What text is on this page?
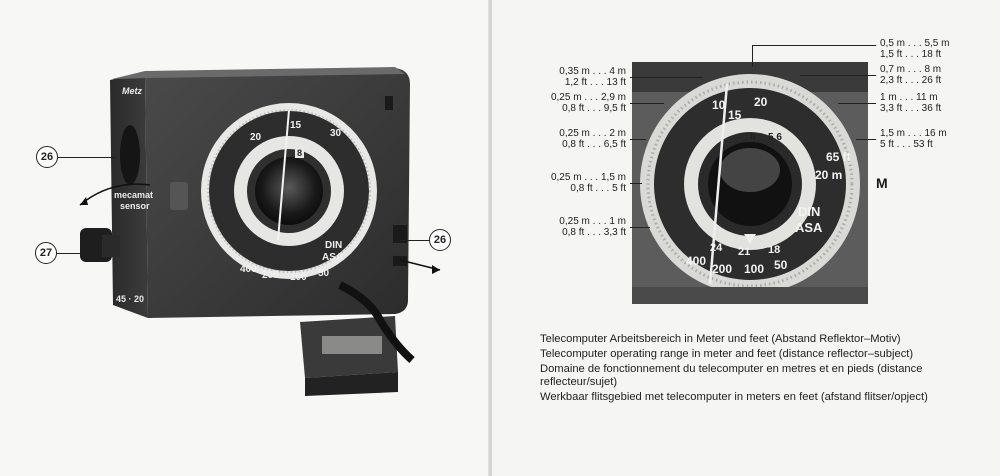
20
15
30
8
400
200 100 50
DIN
ASA
Metz
mecamat
sensor
45 · 20
26
27
26
10
15
20
5.6
8
400
200 100 50
21
24	18
DIN
ASA
20 m
65 ft
M
0,35 m . . . 4 m
1,2 ft . . . 13 ft
0,25 m . . . 2,9 m
0,8 ft . . . 9,5 ft
0,25 m . . . 2 m
0,8 ft . . . 6,5 ft
0,25 m . . . 1,5 m
0,8 ft . . . 5 ft
0,25 m . . . 1 m
0,8 ft . . . 3,3 ft
0,5 m . . . 5,5 m
1,5 ft . . . 18 ft
0,7 m . . . 8 m
2,3 ft . . . 26 ft
1 m . . . 11 m
3,3 ft . . . 36 ft
1,5 m . . . 16 m
5 ft . . . 53 ft

Telecomputer Arbeitsbereich in Meter und feet (Abstand Reflektor–Motiv)

Telecomputer operating range in meter and feet (distance reflector–subject)

Domaine de fonctionnement du telecomputer en metres et en pieds (distance reflecteur/sujet)

Werkbaar flitsgebied met telecomputer in meters en feet (afstand flitser/opject)
